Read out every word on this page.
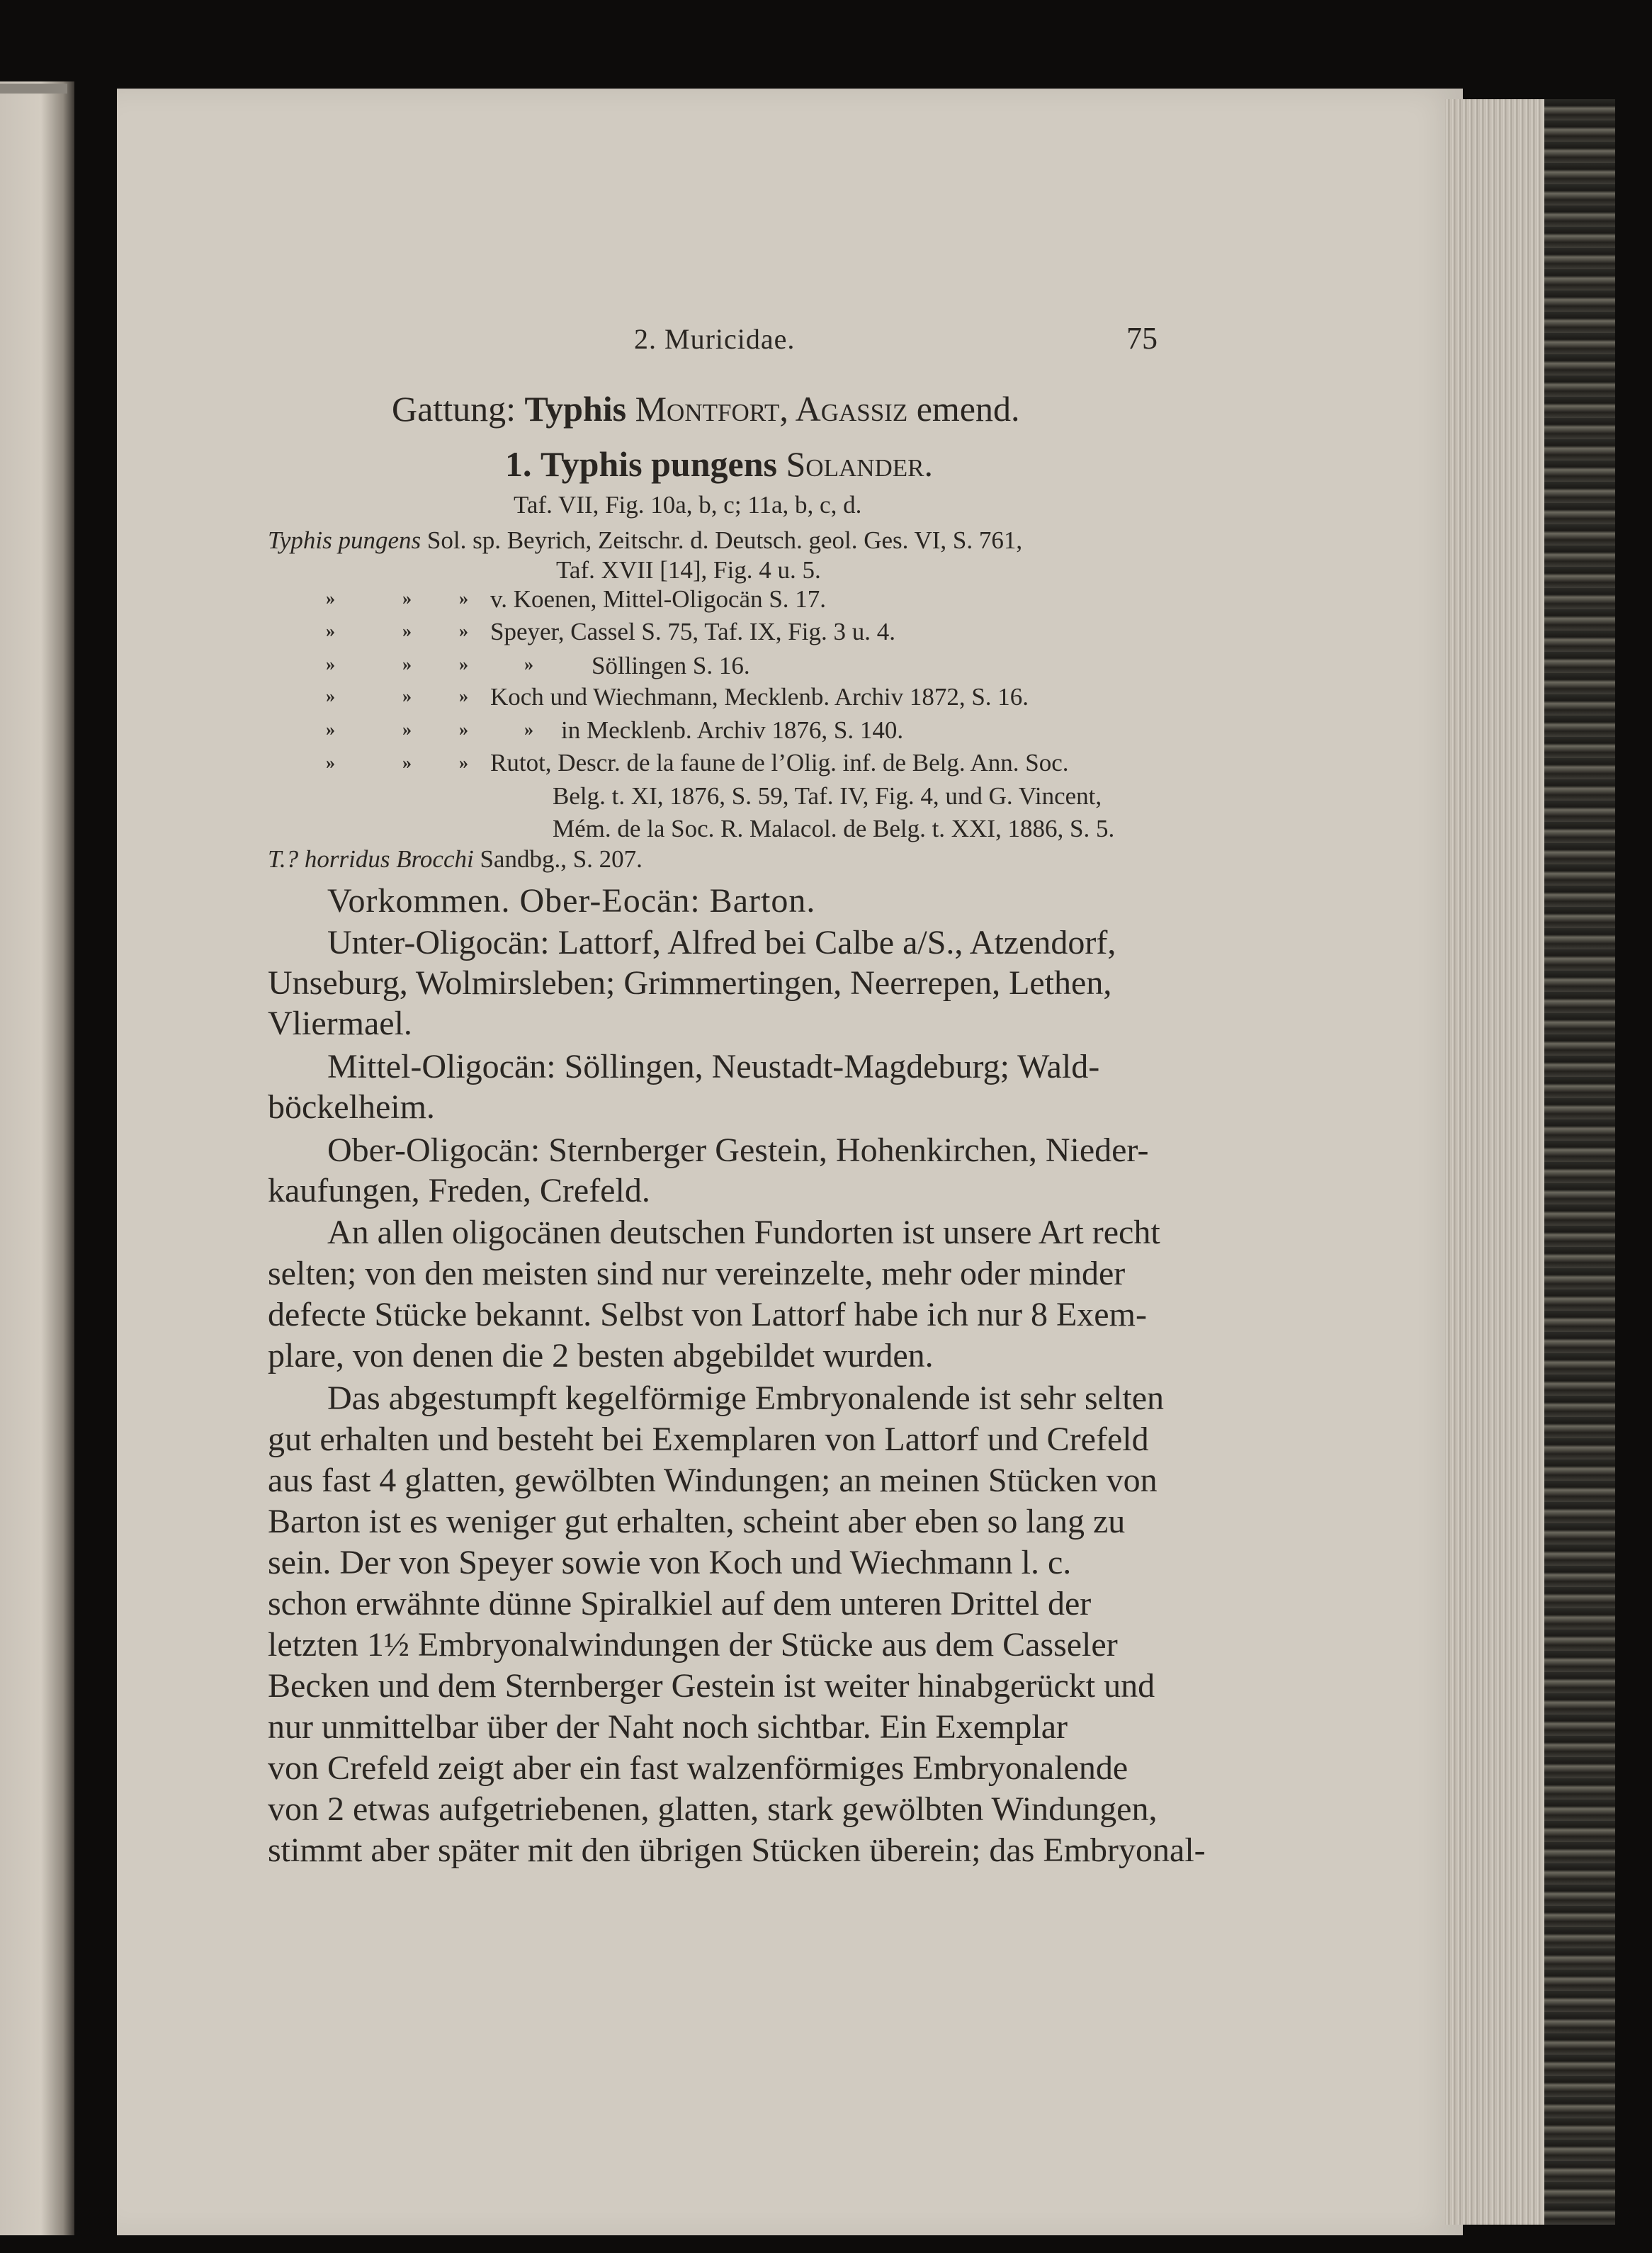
2. Muricidae.	75
Gattung: Typhis Montfort, Agassiz emend.
1. Typhis pungens Solander.
Taf. VII, Fig. 10a, b, c; 11a, b, c, d.
Typhis pungens Sol. sp. Beyrich, Zeitschr. d. Deutsch. geol. Ges. VI, S. 761,
Taf. XVII [14], Fig. 4 u. 5.
»	»	» v. Koenen, Mittel-Oligocän S. 17.
»	»	» Speyer, Cassel S. 75, Taf. IX, Fig. 3 u. 4.
»	»	»	» Söllingen S. 16.
»	»	» Koch und Wiechmann, Mecklenb. Archiv 1872, S. 16.
»	»	»	» in Mecklenb. Archiv 1876, S. 140.
»	»	» Rutot, Descr. de la faune de l’Olig. inf. de Belg. Ann. Soc.
Belg. t. XI, 1876, S. 59, Taf. IV, Fig. 4, und G. Vincent,
Mém. de la Soc. R. Malacol. de Belg. t. XXI, 1886, S. 5.
T.? horridus Brocchi Sandbg., S. 207.
Vorkommen. Ober-Eocän: Barton.
Unter-Oligocän: Lattorf, Alfred bei Calbe a/S., Atzendorf,
Unseburg, Wolmirsleben; Grimmertingen, Neerrepen, Lethen,
Vliermael.
Mittel-Oligocän: Söllingen, Neustadt-Magdeburg; Wald-
böckelheim.
Ober-Oligocän: Sternberger Gestein, Hohenkirchen, Nieder-
kaufungen, Freden, Crefeld.
An allen oligocänen deutschen Fundorten ist unsere Art recht
selten; von den meisten sind nur vereinzelte, mehr oder minder
defecte Stücke bekannt. Selbst von Lattorf habe ich nur 8 Exem-
plare, von denen die 2 besten abgebildet wurden.
Das abgestumpft kegelförmige Embryonalende ist sehr selten
gut erhalten und besteht bei Exemplaren von Lattorf und Crefeld
aus fast 4 glatten, gewölbten Windungen; an meinen Stücken von
Barton ist es weniger gut erhalten, scheint aber eben so lang zu
sein. Der von Speyer sowie von Koch und Wiechmann l. c.
schon erwähnte dünne Spiralkiel auf dem unteren Drittel der
letzten 1½ Embryonalwindungen der Stücke aus dem Casseler
Becken und dem Sternberger Gestein ist weiter hinabgerückt und
nur unmittelbar über der Naht noch sichtbar. Ein Exemplar
von Crefeld zeigt aber ein fast walzenförmiges Embryonalende
von 2 etwas aufgetriebenen, glatten, stark gewölbten Windungen,
stimmt aber später mit den übrigen Stücken überein; das Embryonal-
